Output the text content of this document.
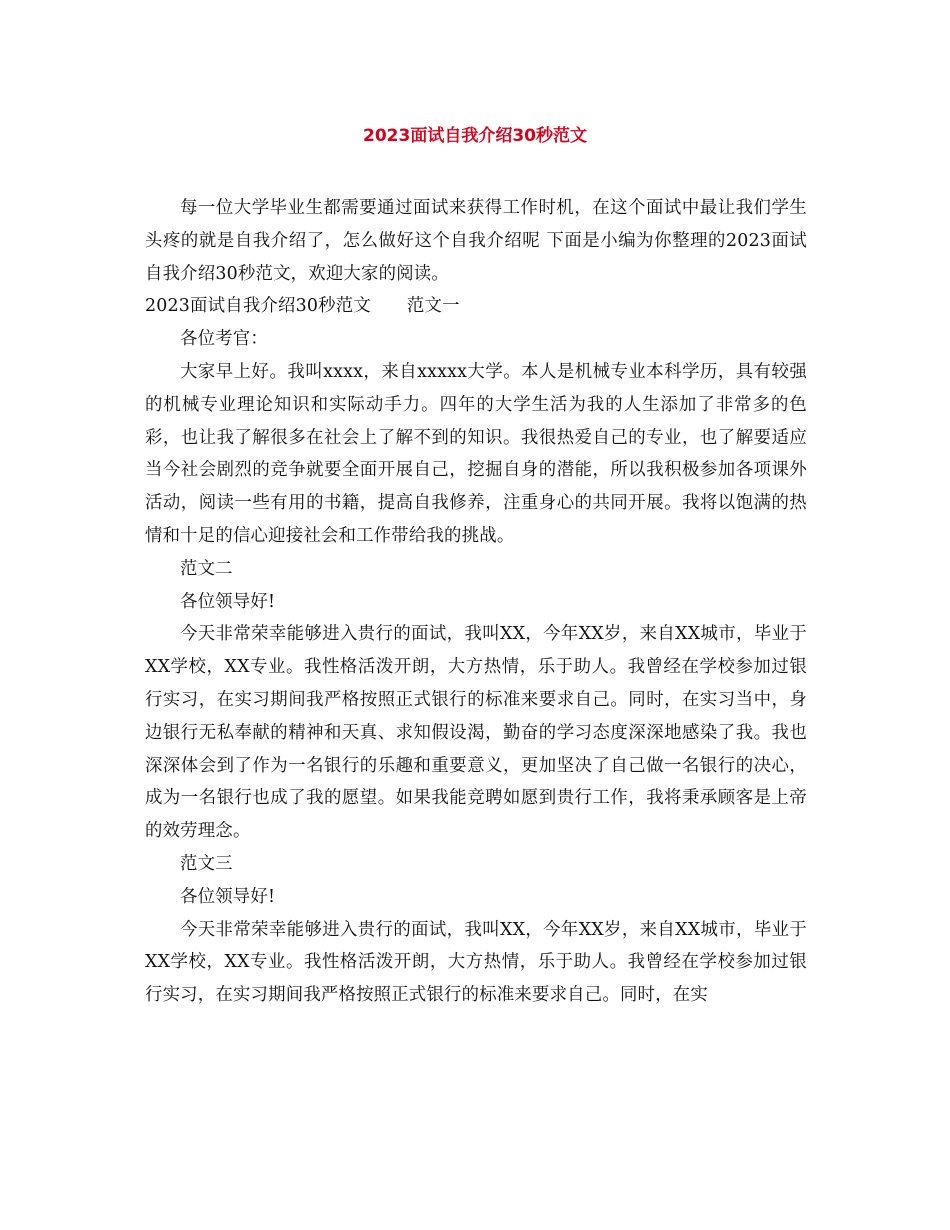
2023面试自我介绍30秒范文

每一位大学毕业生都需要通过面试来获得工作时机，在这个面试中最让我们学生头疼的就是自我介绍了，怎么做好这个自我介绍呢 下面是小编为你整理的2023面试自我介绍30秒范文，欢迎大家的阅读。

2023面试自我介绍30秒范文 范文一

各位考官：

大家早上好。我叫xxxx，来自xxxxx大学。本人是机械专业本科学历，具有较强的机械专业理论知识和实际动手力。四年的大学生活为我的人生添加了非常多的色彩，也让我了解很多在社会上了解不到的知识。我很热爱自己的专业，也了解要适应当今社会剧烈的竞争就要全面开展自己，挖掘自身的潜能，所以我积极参加各项课外活动，阅读一些有用的书籍，提高自我修养，注重身心的共同开展。我将以饱满的热情和十足的信心迎接社会和工作带给我的挑战。

范文二

各位领导好!

今天非常荣幸能够进入贵行的面试，我叫XX，今年XX岁，来自XX城市，毕业于XX学校，XX专业。我性格活泼开朗，大方热情，乐于助人。我曾经在学校参加过银行实习，在实习期间我严格按照正式银行的标准来要求自己。同时，在实习当中，身边银行无私奉献的精神和天真、求知假设渴，勤奋的学习态度深深地感染了我。我也深深体会到了作为一名银行的乐趣和重要意义，更加坚决了自己做一名银行的决心，成为一名银行也成了我的愿望。如果我能竞聘如愿到贵行工作，我将秉承顾客是上帝的效劳理念。

范文三

各位领导好!

今天非常荣幸能够进入贵行的面试，我叫XX，今年XX岁，来自XX城市，毕业于XX学校，XX专业。我性格活泼开朗，大方热情，乐于助人。我曾经在学校参加过银行实习，在实习期间我严格按照正式银行的标准来要求自己。同时，在实
